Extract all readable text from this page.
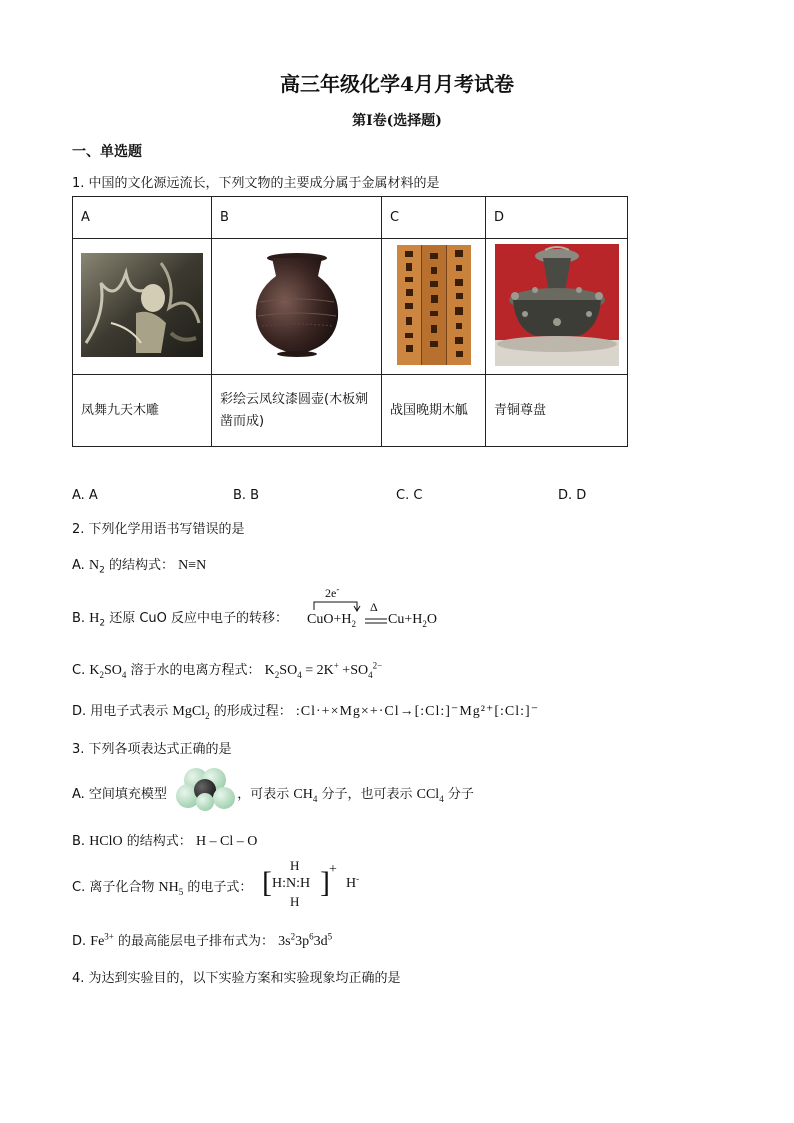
高三年级化学4月月考试卷
第I卷(选择题)
一、单选题
1. 中国的文化源远流长，下列文物的主要成分属于金属材料的是
A	B	C	D

凤舞九天木雕	彩绘云凤纹漆圆壶(木板剜凿而成)	战国晚期木觚	青铜尊盘
A. A	B. B	C. C	D. D
2. 下列化学用语书写错误的是
A. $N_2$ 的结构式： N≡N
B. $H_2$ 还原 CuO 反应中电子的转移：
2e-
Δ
$CuO+H_2$ $Cu+H_2O$
C. $K_2SO_4$ 溶于水的电离方程式： $K_2SO_4 = 2K^+ +SO_4^{2-}$
D. 用电子式表示 MgCl$_2$ 的形成过程： :Cl·+×Mg×+·Cl→[:Cl:]⁻Mg²⁺[:Cl:]⁻
3. 下列各项表达式正确的是
A. 空间填充模型	，可表示 $CH_4$ 分子，也可表示 CCl$_4$ 分子
B. HClO 的结构式： H – Cl – O
C. 离子化合物 $NH_5$ 的电子式：
H
[ H:N:H ] +
H
H-
D. $Fe^{3+}$ 的最高能层电子排布式为： $3s^23p^63d^5$
4. 为达到实验目的，以下实验方案和实验现象均正确的是
